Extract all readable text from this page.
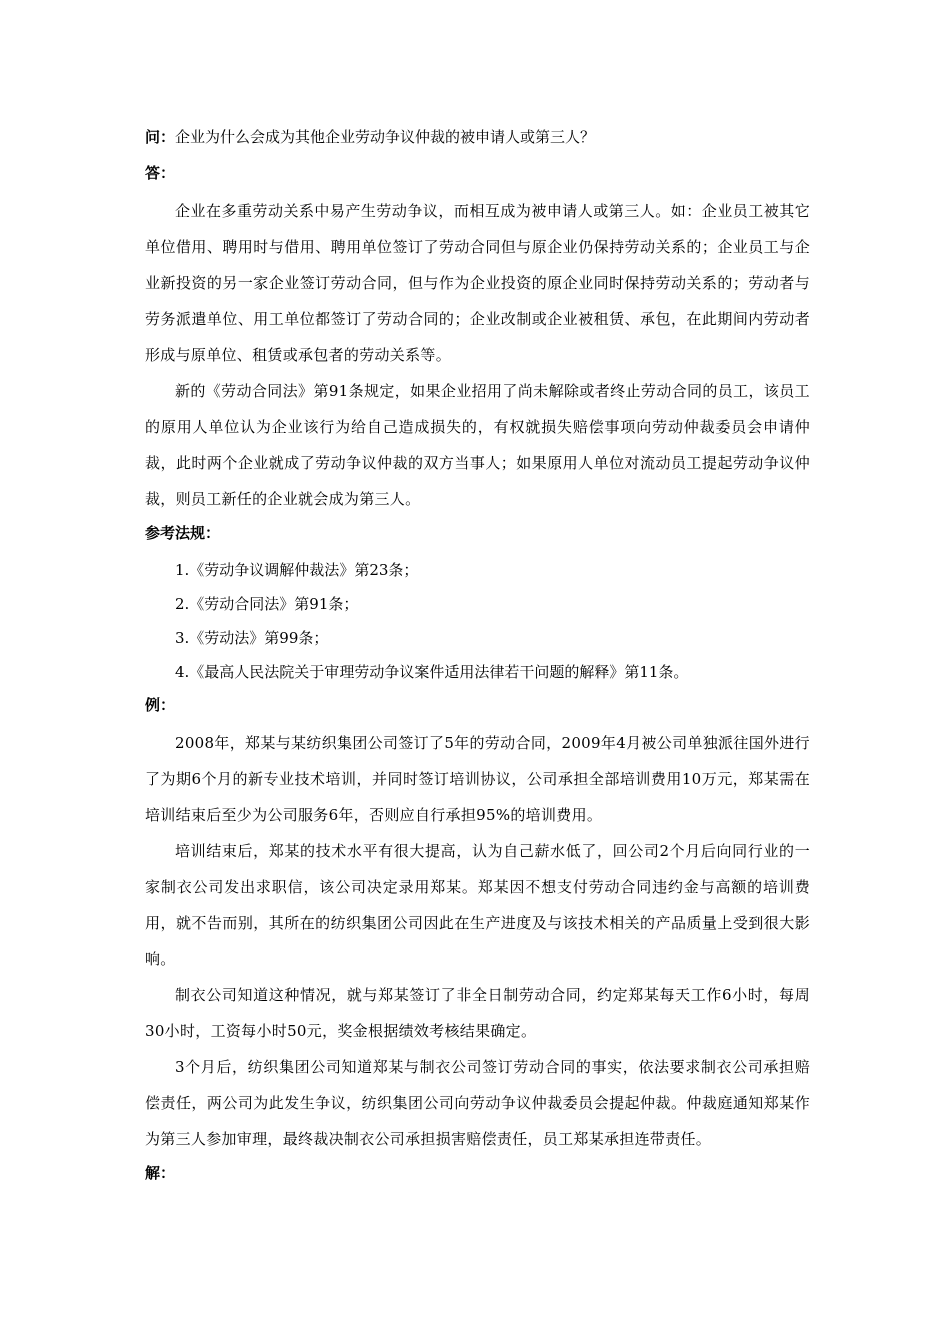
问：企业为什么会成为其他企业劳动争议仲裁的被申请人或第三人？
答：

企业在多重劳动关系中易产生劳动争议，而相互成为被申请人或第三人。如：企业员工被其它单位借用、聘用时与借用、聘用单位签订了劳动合同但与原企业仍保持劳动关系的；企业员工与企业新投资的另一家企业签订劳动合同，但与作为企业投资的原企业同时保持劳动关系的；劳动者与劳务派遣单位、用工单位都签订了劳动合同的；企业改制或企业被租赁、承包，在此期间内劳动者形成与原单位、租赁或承包者的劳动关系等。

新的《劳动合同法》第91条规定，如果企业招用了尚未解除或者终止劳动合同的员工，该员工的原用人单位认为企业该行为给自己造成损失的，有权就损失赔偿事项向劳动仲裁委员会申请仲裁，此时两个企业就成了劳动争议仲裁的双方当事人；如果原用人单位对流动员工提起劳动争议仲裁，则员工新任的企业就会成为第三人。

参考法规：
1.《劳动争议调解仲裁法》第23条；
2.《劳动合同法》第91条；
3.《劳动法》第99条；
4.《最高人民法院关于审理劳动争议案件适用法律若干问题的解释》第11条。
例：

2008年，郑某与某纺织集团公司签订了5年的劳动合同，2009年4月被公司单独派往国外进行了为期6个月的新专业技术培训，并同时签订培训协议，公司承担全部培训费用10万元，郑某需在培训结束后至少为公司服务6年，否则应自行承担95%的培训费用。

培训结束后，郑某的技术水平有很大提高，认为自己薪水低了，回公司2个月后向同行业的一家制衣公司发出求职信，该公司决定录用郑某。郑某因不想支付劳动合同违约金与高额的培训费用，就不告而别，其所在的纺织集团公司因此在生产进度及与该技术相关的产品质量上受到很大影响。

制衣公司知道这种情况，就与郑某签订了非全日制劳动合同，约定郑某每天工作6小时，每周30小时，工资每小时50元，奖金根据绩效考核结果确定。

3个月后，纺织集团公司知道郑某与制衣公司签订劳动合同的事实，依法要求制衣公司承担赔偿责任，两公司为此发生争议，纺织集团公司向劳动争议仲裁委员会提起仲裁。仲裁庭通知郑某作为第三人参加审理，最终裁决制衣公司承担损害赔偿责任，员工郑某承担连带责任。

解：
